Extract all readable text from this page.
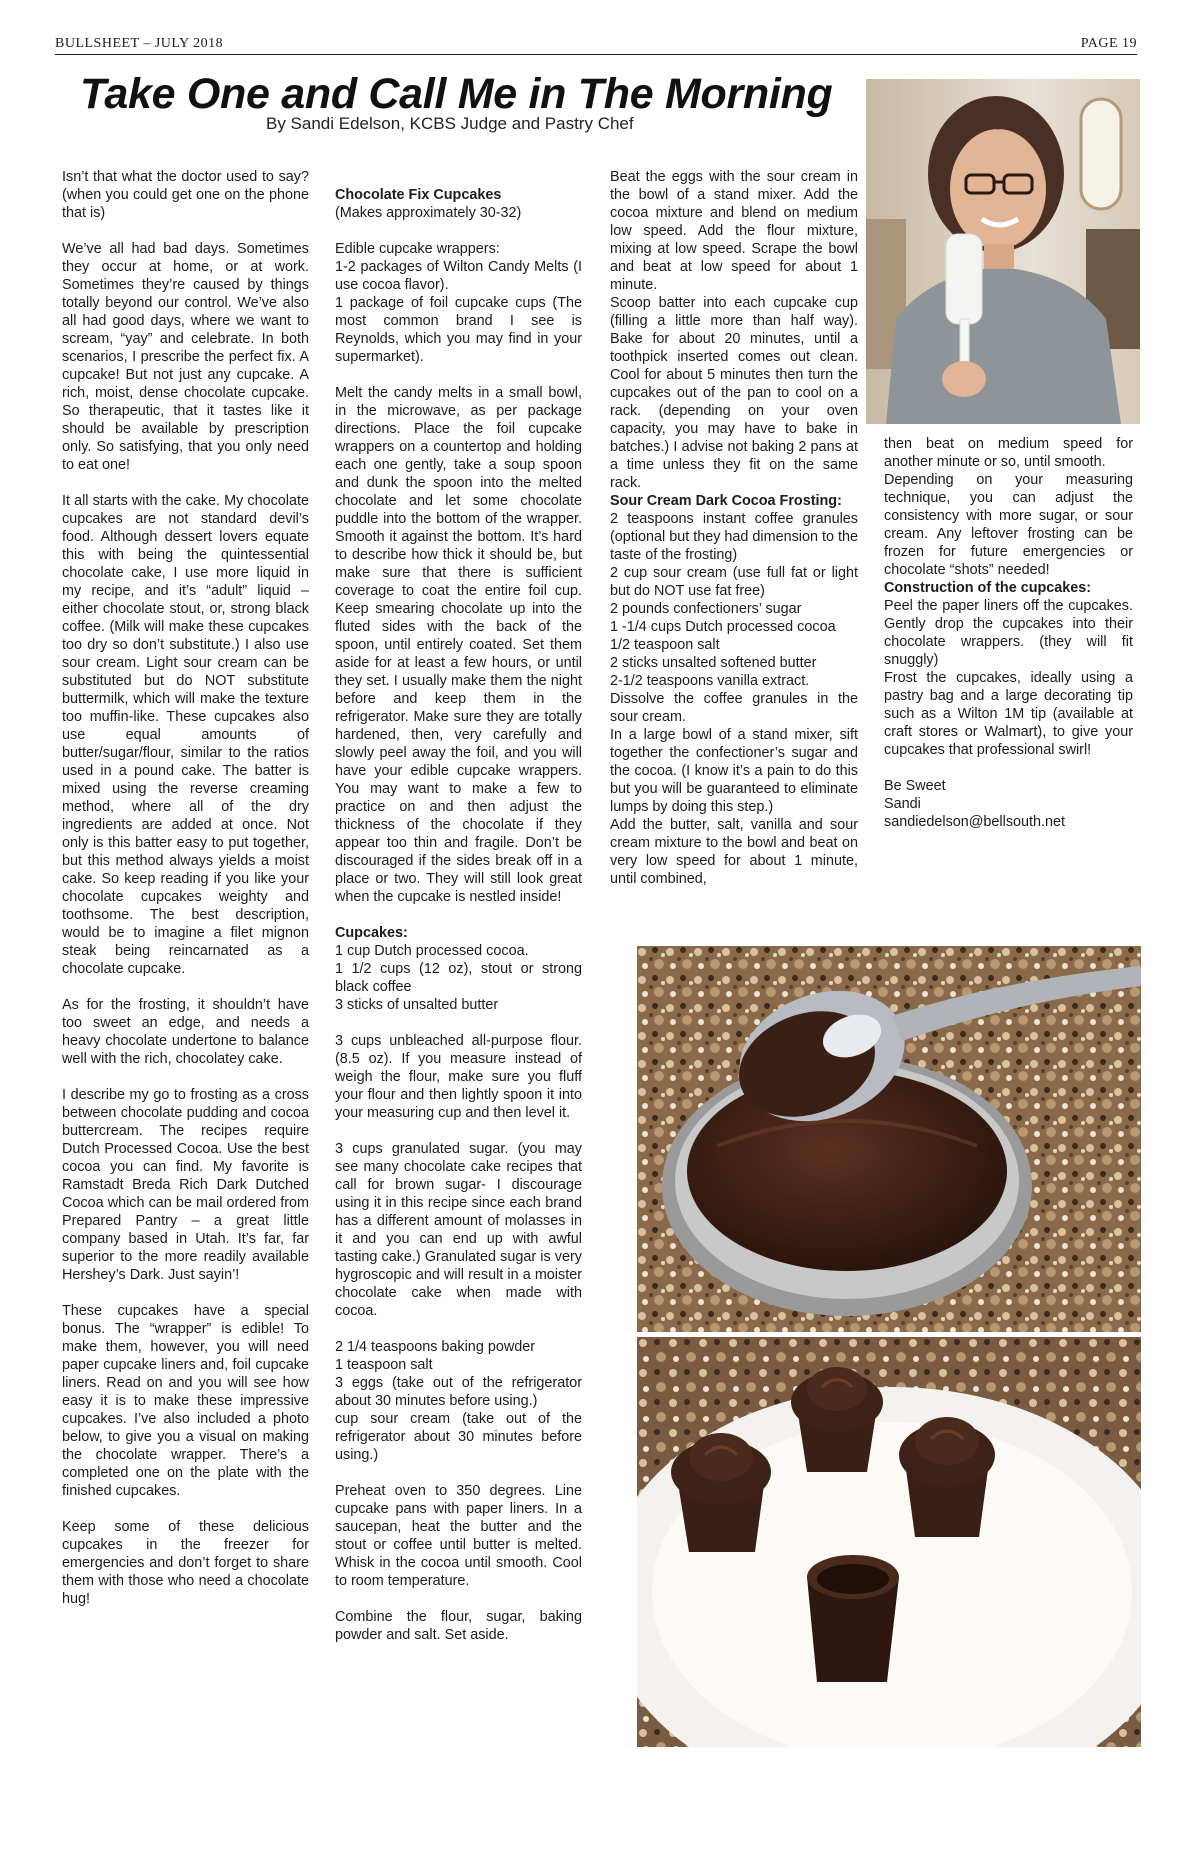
BULLSHEET – JULY 2018	PAGE 19
Take One and Call Me in The Morning
By Sandi Edelson, KCBS Judge and Pastry Chef

Isn’t that what the doctor used to say? (when you could get one on the phone that is)

We’ve all had bad days. Sometimes they occur at home, or at work. Sometimes they’re caused by things totally beyond our control. We’ve also all had good days, where we want to scream, “yay” and celebrate. In both scenarios, I prescribe the perfect fix. A cupcake! But not just any cupcake. A rich, moist, dense chocolate cupcake. So therapeutic, that it tastes like it should be available by prescription only. So satisfying, that you only need to eat one!

It all starts with the cake. My chocolate cupcakes are not standard devil’s food. Although dessert lovers equate this with being the quintessential chocolate cake, I use more liquid in my recipe, and it’s “adult” liquid – either chocolate stout, or, strong black coffee. (Milk will make these cupcakes too dry so don’t substitute.) I also use sour cream. Light sour cream can be substituted but do NOT substitute buttermilk, which will make the texture too muffin-like. These cupcakes also use equal amounts of butter/sugar/flour, similar to the ratios used in a pound cake. The batter is mixed using the reverse creaming method, where all of the dry ingredients are added at once. Not only is this batter easy to put together, but this method always yields a moist cake. So keep reading if you like your chocolate cupcakes weighty and toothsome. The best description, would be to imagine a filet mignon steak being reincarnated as a chocolate cupcake.

As for the frosting, it shouldn’t have too sweet an edge, and needs a heavy chocolate undertone to balance well with the rich, chocolatey cake.

I describe my go to frosting as a cross between chocolate pudding and cocoa buttercream. The recipes require Dutch Processed Cocoa. Use the best cocoa you can find. My favorite is Ramstadt Breda Rich Dark Dutched Cocoa which can be mail ordered from Prepared Pantry – a great little company based in Utah. It’s far, far superior to the more readily available Hershey’s Dark. Just sayin’!

These cupcakes have a special bonus. The “wrapper” is edible! To make them, however, you will need paper cupcake liners and, foil cupcake liners. Read on and you will see how easy it is to make these impressive cupcakes. I’ve also included a photo below, to give you a visual on making the chocolate wrapper. There’s a completed one on the plate with the finished cupcakes.

Keep some of these delicious cupcakes in the freezer for emergencies and don’t forget to share them with those who need a chocolate hug!

Chocolate Fix Cupcakes

(Makes approximately 30-32)

Edible cupcake wrappers:

1-2 packages of Wilton Candy Melts (I use cocoa flavor).

1 package of foil cupcake cups (The most common brand I see is Reynolds, which you may find in your supermarket).

Melt the candy melts in a small bowl, in the microwave, as per package directions. Place the foil cupcake wrappers on a countertop and holding each one gently, take a soup spoon and dunk the spoon into the melted chocolate and let some chocolate puddle into the bottom of the wrapper. Smooth it against the bottom. It’s hard to describe how thick it should be, but make sure that there is sufficient coverage to coat the entire foil cup. Keep smearing chocolate up into the fluted sides with the back of the spoon, until entirely coated. Set them aside for at least a few hours, or until they set. I usually make them the night before and keep them in the refrigerator. Make sure they are totally hardened, then, very carefully and slowly peel away the foil, and you will have your edible cupcake wrappers. You may want to make a few to practice on and then adjust the thickness of the chocolate if they appear too thin and fragile. Don’t be discouraged if the sides break off in a place or two. They will still look great when the cupcake is nestled inside!

Cupcakes:

1 cup Dutch processed cocoa.

1 1/2 cups (12 oz), stout or strong black coffee

3 sticks of unsalted butter

3 cups unbleached all-purpose flour. (8.5 oz). If you measure instead of weigh the flour, make sure you fluff your flour and then lightly spoon it into your measuring cup and then level it.

3 cups granulated sugar. (you may see many chocolate cake recipes that call for brown sugar- I discourage using it in this recipe since each brand has a different amount of molasses in it and you can end up with awful tasting cake.) Granulated sugar is very hygroscopic and will result in a moister chocolate cake when made with cocoa.

2 1/4 teaspoons baking powder

1 teaspoon salt

3 eggs (take out of the refrigerator about 30 minutes before using.)

cup sour cream (take out of the refrigerator about 30 minutes before using.)

Preheat oven to 350 degrees. Line cupcake pans with paper liners. In a saucepan, heat the butter and the stout or coffee until butter is melted. Whisk in the cocoa until smooth. Cool to room temperature.

Combine the flour, sugar, baking powder and salt. Set aside.

Beat the eggs with the sour cream in the bowl of a stand mixer. Add the cocoa mixture and blend on medium low speed. Add the flour mixture, mixing at low speed. Scrape the bowl and beat at low speed for about 1 minute.

Scoop batter into each cupcake cup (filling a little more than half way). Bake for about 20 minutes, until a toothpick inserted comes out clean. Cool for about 5 minutes then turn the cupcakes out of the pan to cool on a rack. (depending on your oven capacity, you may have to bake in batches.) I advise not baking 2 pans at a time unless they fit on the same rack.

Sour Cream Dark Cocoa Frosting:

2 teaspoons instant coffee granules (optional but they had dimension to the taste of the frosting)

2 cup sour cream (use full fat or light but do NOT use fat free)

2 pounds confectioners’ sugar

1 -1/4 cups Dutch processed cocoa

1/2 teaspoon salt

2 sticks unsalted softened butter

2-1/2 teaspoons vanilla extract.

Dissolve the coffee granules in the sour cream.

In a large bowl of a stand mixer, sift together the confectioner’s sugar and the cocoa. (I know it’s a pain to do this but you will be guaranteed to eliminate lumps by doing this step.)

Add the butter, salt, vanilla and sour cream mixture to the bowl and beat on very low speed for about 1 minute, until combined,

then beat on medium speed for another minute or so, until smooth.

Depending on your measuring technique, you can adjust the consistency with more sugar, or sour cream. Any leftover frosting can be frozen for future emergencies or chocolate “shots” needed!

Construction of the cupcakes:

Peel the paper liners off the cupcakes. Gently drop the cupcakes into their chocolate wrappers. (they will fit snuggly)

Frost the cupcakes, ideally using a pastry bag and a large decorating tip such as a Wilton 1M tip (available at craft stores or Walmart), to give your cupcakes that professional swirl!

Be Sweet

Sandi

sandiedelson@bellsouth.net
